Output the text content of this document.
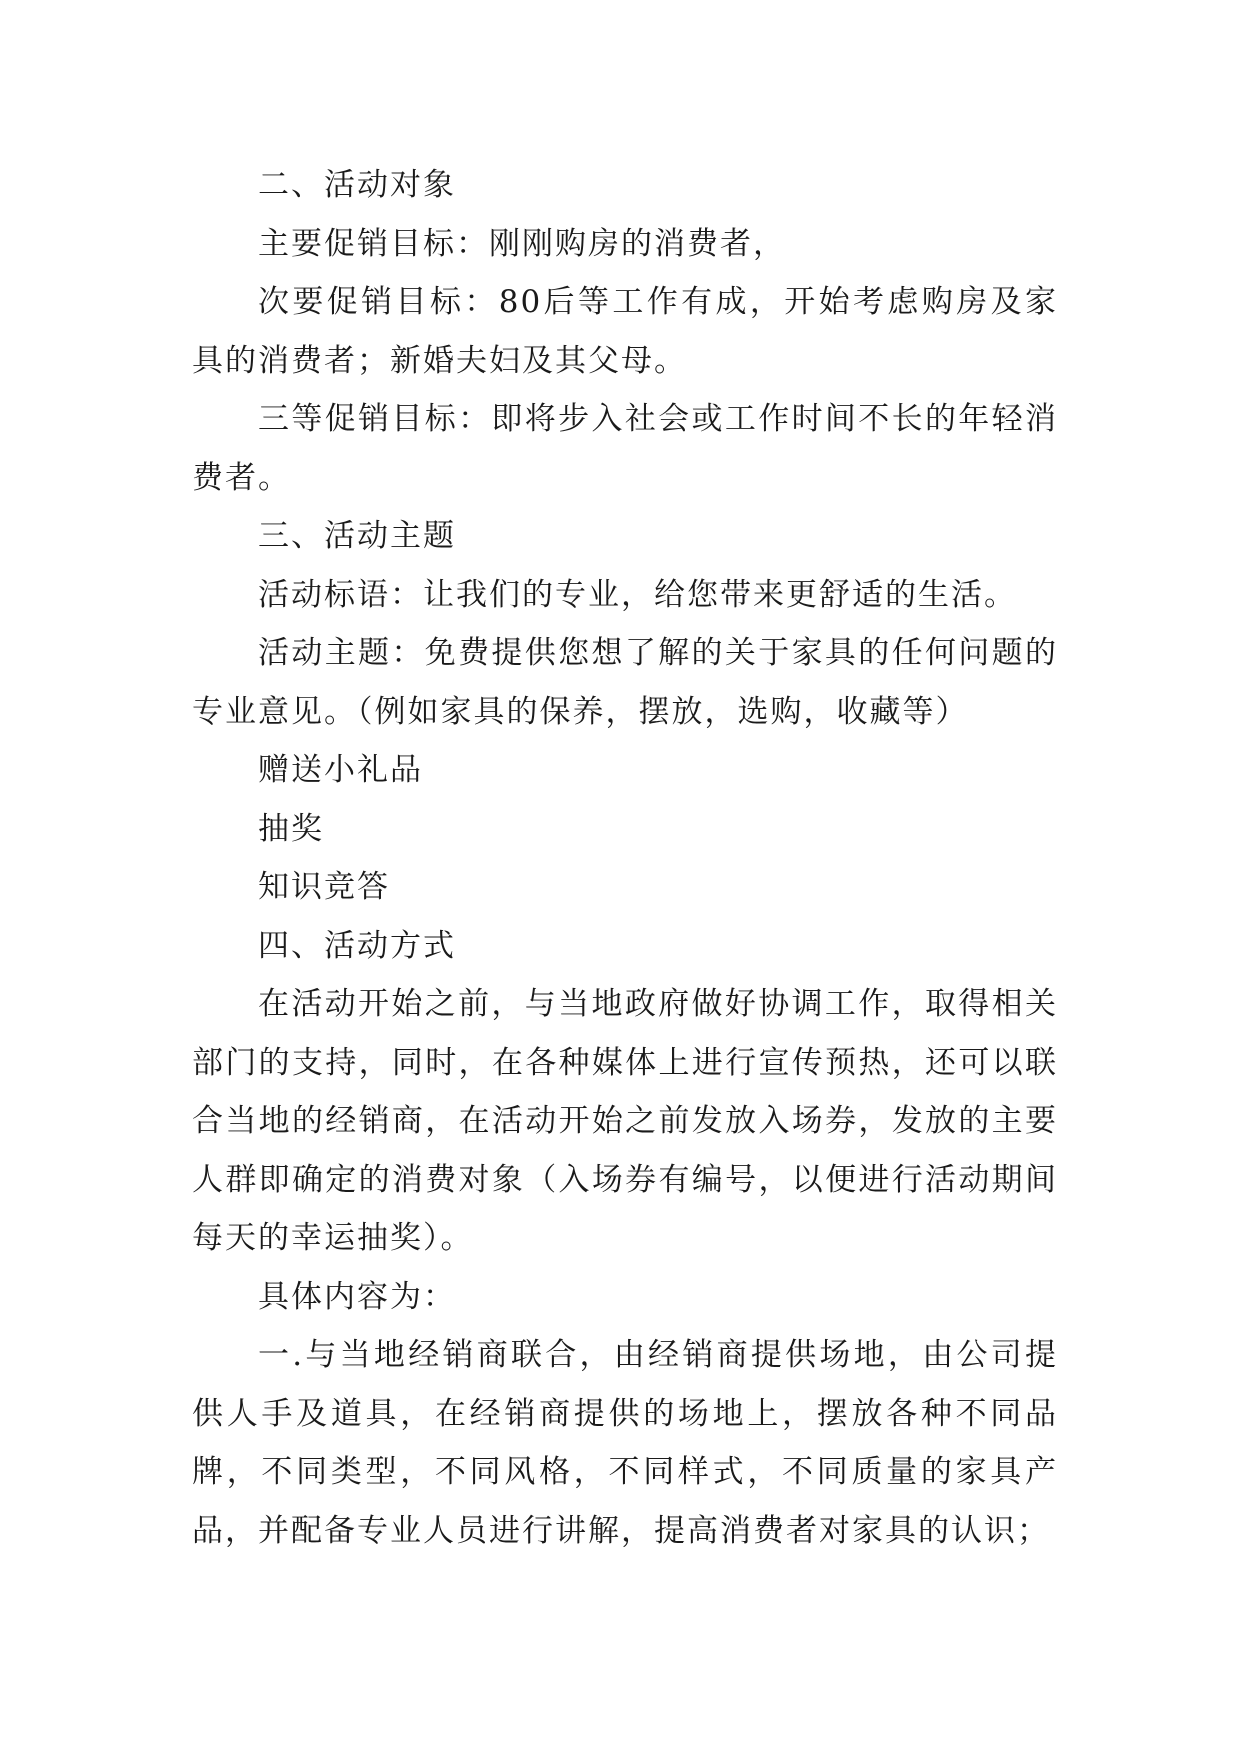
二、活动对象

主要促销目标：刚刚购房的消费者，

次要促销目标：80后等工作有成，开始考虑购房及家具的消费者；新婚夫妇及其父母。

三等促销目标：即将步入社会或工作时间不长的年轻消费者。

三、活动主题

活动标语：让我们的专业，给您带来更舒适的生活。

活动主题：免费提供您想了解的关于家具的任何问题的专业意见。（例如家具的保养，摆放，选购，收藏等）

赠送小礼品

抽奖

知识竞答

四、活动方式

在活动开始之前，与当地政府做好协调工作，取得相关部门的支持，同时，在各种媒体上进行宣传预热，还可以联合当地的经销商，在活动开始之前发放入场券，发放的主要人群即确定的消费对象（入场券有编号，以便进行活动期间每天的幸运抽奖）。

具体内容为：

一.与当地经销商联合，由经销商提供场地，由公司提供人手及道具，在经销商提供的场地上，摆放各种不同品牌，不同类型，不同风格，不同样式，不同质量的家具产品，并配备专业人员进行讲解，提高消费者对家具的认识；
